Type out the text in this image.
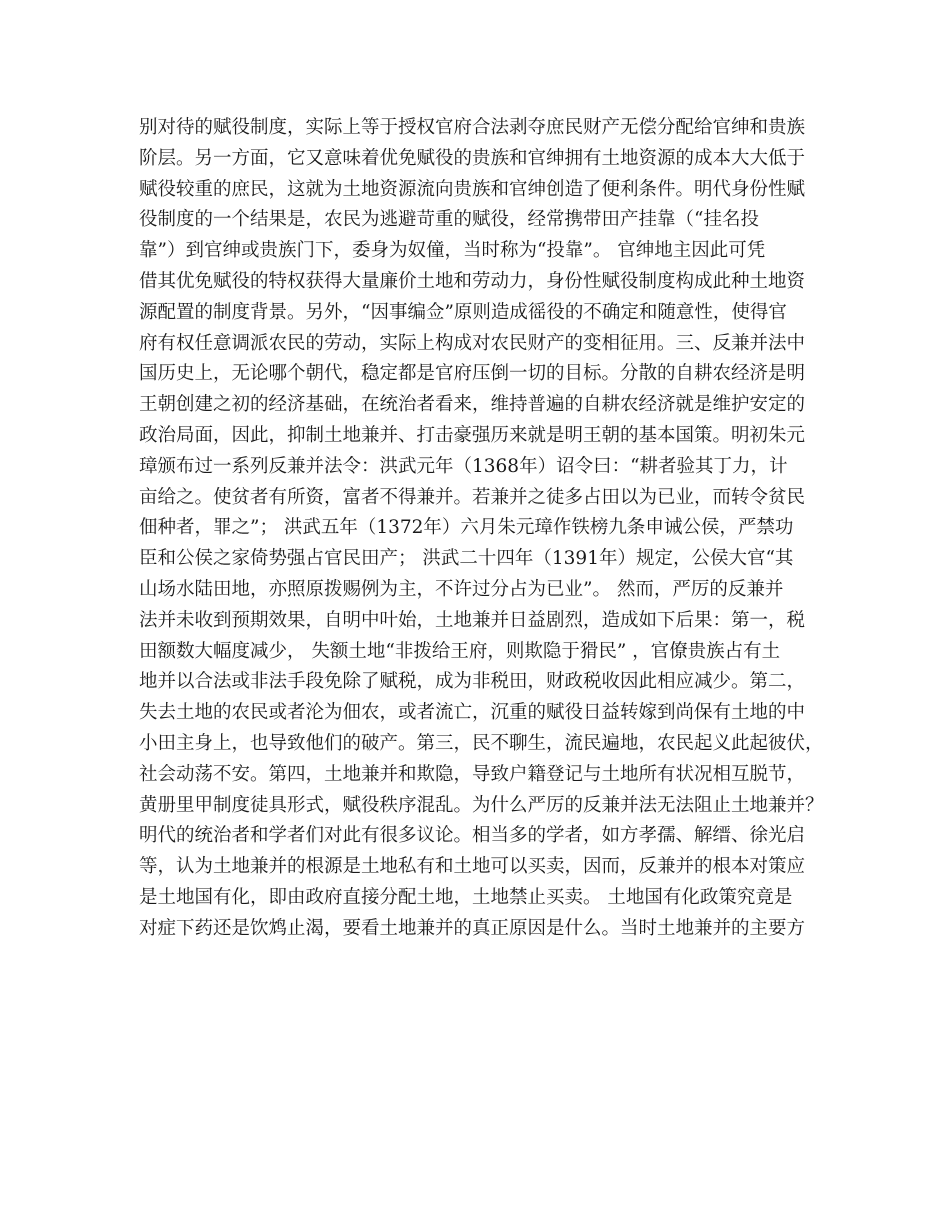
别对待的赋役制度，实际上等于授权官府合法剥夺庶民财产无偿分配给官绅和贵族
阶层。另一方面，它又意味着优免赋役的贵族和官绅拥有土地资源的成本大大低于
赋役较重的庶民，这就为土地资源流向贵族和官绅创造了便利条件。明代身份性赋
役制度的一个结果是，农民为逃避苛重的赋役，经常携带田产挂靠（“挂名投
靠”）到官绅或贵族门下，委身为奴僮，当时称为“投靠”。 官绅地主因此可凭
借其优免赋役的特权获得大量廉价土地和劳动力，身份性赋役制度构成此种土地资
源配置的制度背景。另外，“因事编佥”原则造成徭役的不确定和随意性，使得官
府有权任意调派农民的劳动，实际上构成对农民财产的变相征用。三、反兼并法中
国历史上，无论哪个朝代，稳定都是官府压倒一切的目标。分散的自耕农经济是明
王朝创建之初的经济基础，在统治者看来，维持普遍的自耕农经济就是维护安定的
政治局面，因此，抑制土地兼并、打击豪强历来就是明王朝的基本国策。明初朱元
璋颁布过一系列反兼并法令：洪武元年（1368年）诏令曰：“耕者验其丁力，计
亩给之。使贫者有所资，富者不得兼并。若兼并之徒多占田以为已业，而转令贫民
佃种者，罪之”； 洪武五年（1372年）六月朱元璋作铁榜九条申诫公侯，严禁功
臣和公侯之家倚势强占官民田产； 洪武二十四年（1391年）规定，公侯大官“其
山场水陆田地，亦照原拨赐例为主，不许过分占为已业”。 然而，严厉的反兼并
法并未收到预期效果，自明中叶始，土地兼并日益剧烈，造成如下后果：第一，税
田额数大幅度减少， 失额土地“非拨给王府，则欺隐于猾民” ，官僚贵族占有土
地并以合法或非法手段免除了赋税，成为非税田，财政税收因此相应减少。第二，
失去土地的农民或者沦为佃农，或者流亡，沉重的赋役日益转嫁到尚保有土地的中
小田主身上，也导致他们的破产。第三，民不聊生，流民遍地，农民起义此起彼伏，
社会动荡不安。第四，土地兼并和欺隐，导致户籍登记与土地所有状况相互脱节，
黄册里甲制度徒具形式，赋役秩序混乱。为什么严厉的反兼并法无法阻止土地兼并？
明代的统治者和学者们对此有很多议论。相当多的学者，如方孝孺、解缙、徐光启
等，认为土地兼并的根源是土地私有和土地可以买卖，因而，反兼并的根本对策应
是土地国有化，即由政府直接分配土地，土地禁止买卖。 土地国有化政策究竟是
对症下药还是饮鸩止渴，要看土地兼并的真正原因是什么。当时土地兼并的主要方
